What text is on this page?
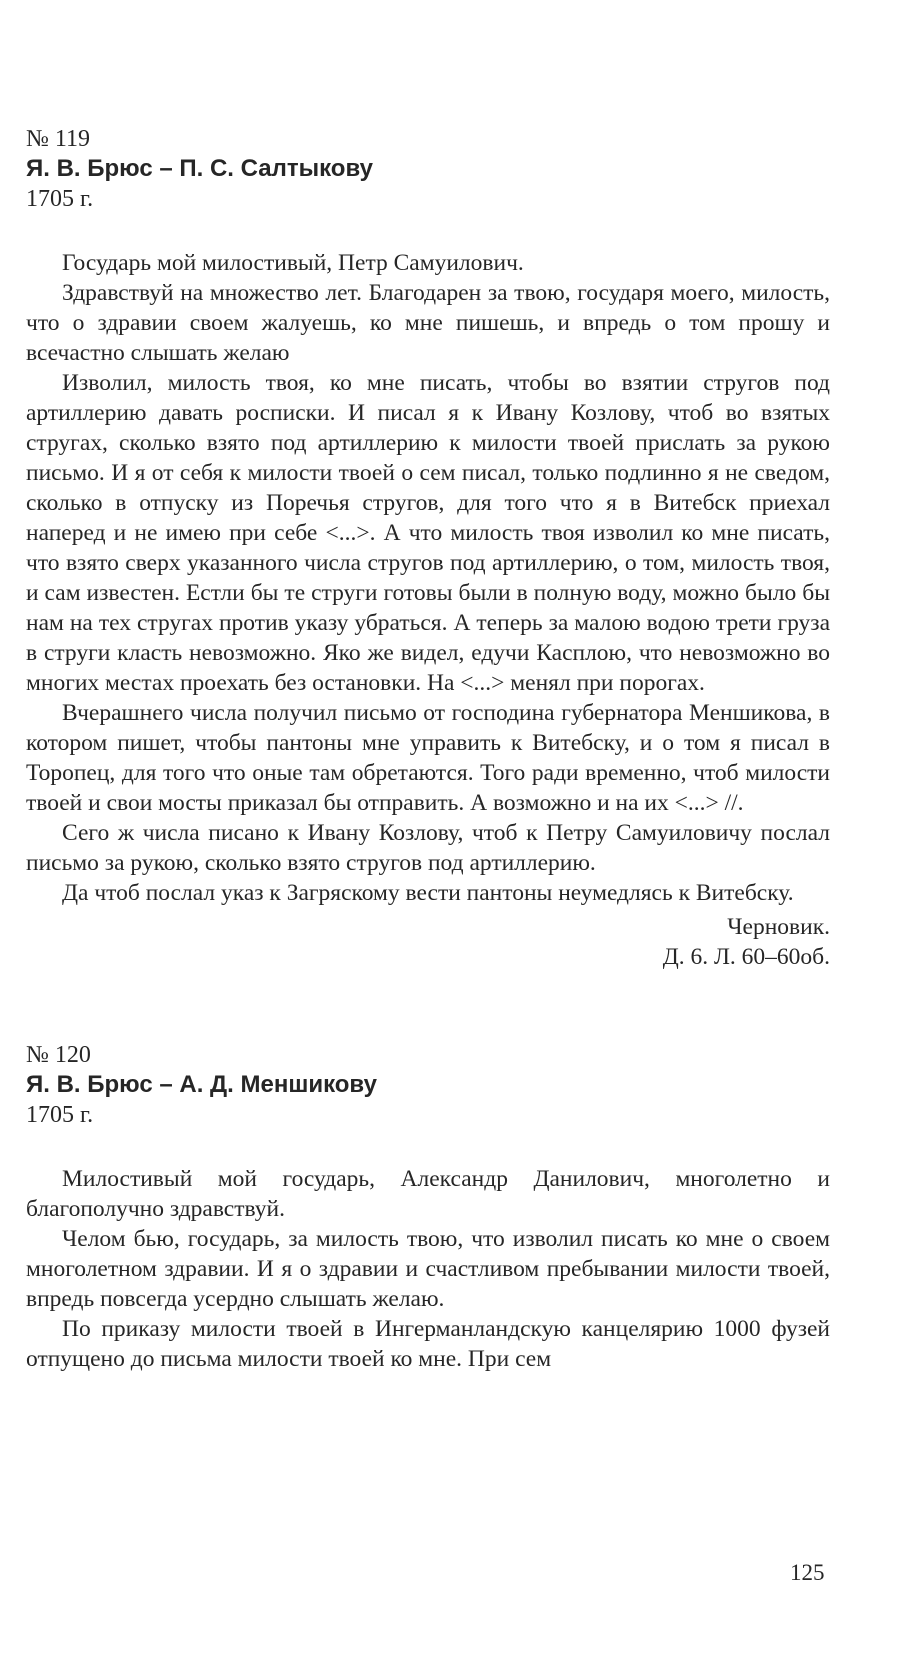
№ 119

Я. В. Брюс – П. С. Салтыкову

1705 г.

Государь мой милостивый, Петр Самуилович.

Здравствуй на множество лет. Благодарен за твою, государя моего, милость, что о здравии своем жалуешь, ко мне пишешь, и впредь о том прошу и всечастно слышать желаю

Изволил, милость твоя, ко мне писать, чтобы во взятии стругов под артиллерию давать росписки. И писал я к Ивану Козлову, чтоб во взятых стругах, сколько взято под артиллерию к милости твоей прислать за рукою письмо. И я от себя к милости твоей о сем писал, только подлинно я не сведом, сколько в отпуску из Поречья стругов, для того что я в Витебск приехал наперед и не имею при себе <...>. А что милость твоя изволил ко мне писать, что взято сверх указанного числа стругов под артиллерию, о том, милость твоя, и сам известен. Естли бы те струги готовы были в полную воду, можно было бы нам на тех стругах против указу убраться. А теперь за малою водою трети груза в струги класть невозможно. Яко же видел, едучи Касплою, что невозможно во многих местах проехать без остановки. На <...> менял при порогах.

Вчерашнего числа получил письмо от господина губернатора Меншикова, в котором пишет, чтобы пантоны мне управить к Витебску, и о том я писал в Торопец, для того что оные там обретаются. Того ради временно, чтоб милости твоей и свои мосты приказал бы отправить. А возможно и на их <...> //.

Сего ж числа писано к Ивану Козлову, чтоб к Петру Самуиловичу послал письмо за рукою, сколько взято стругов под артиллерию.

Да чтоб послал указ к Загряскому вести пантоны неумедлясь к Витебску.

Черновик.

Д. 6. Л. 60–60об.

№ 120

Я. В. Брюс – А. Д. Меншикову

1705 г.

Милостивый мой государь, Александр Данилович, многолетно и благополучно здравствуй.

Челом бью, государь, за милость твою, что изволил писать ко мне о своем многолетном здравии. И я о здравии и счастливом пребывании милости твоей, впредь повсегда усердно слышать желаю.

По приказу милости твоей в Ингерманландскую канцелярию 1000 фузей отпущено до письма милости твоей ко мне. При сем

125
